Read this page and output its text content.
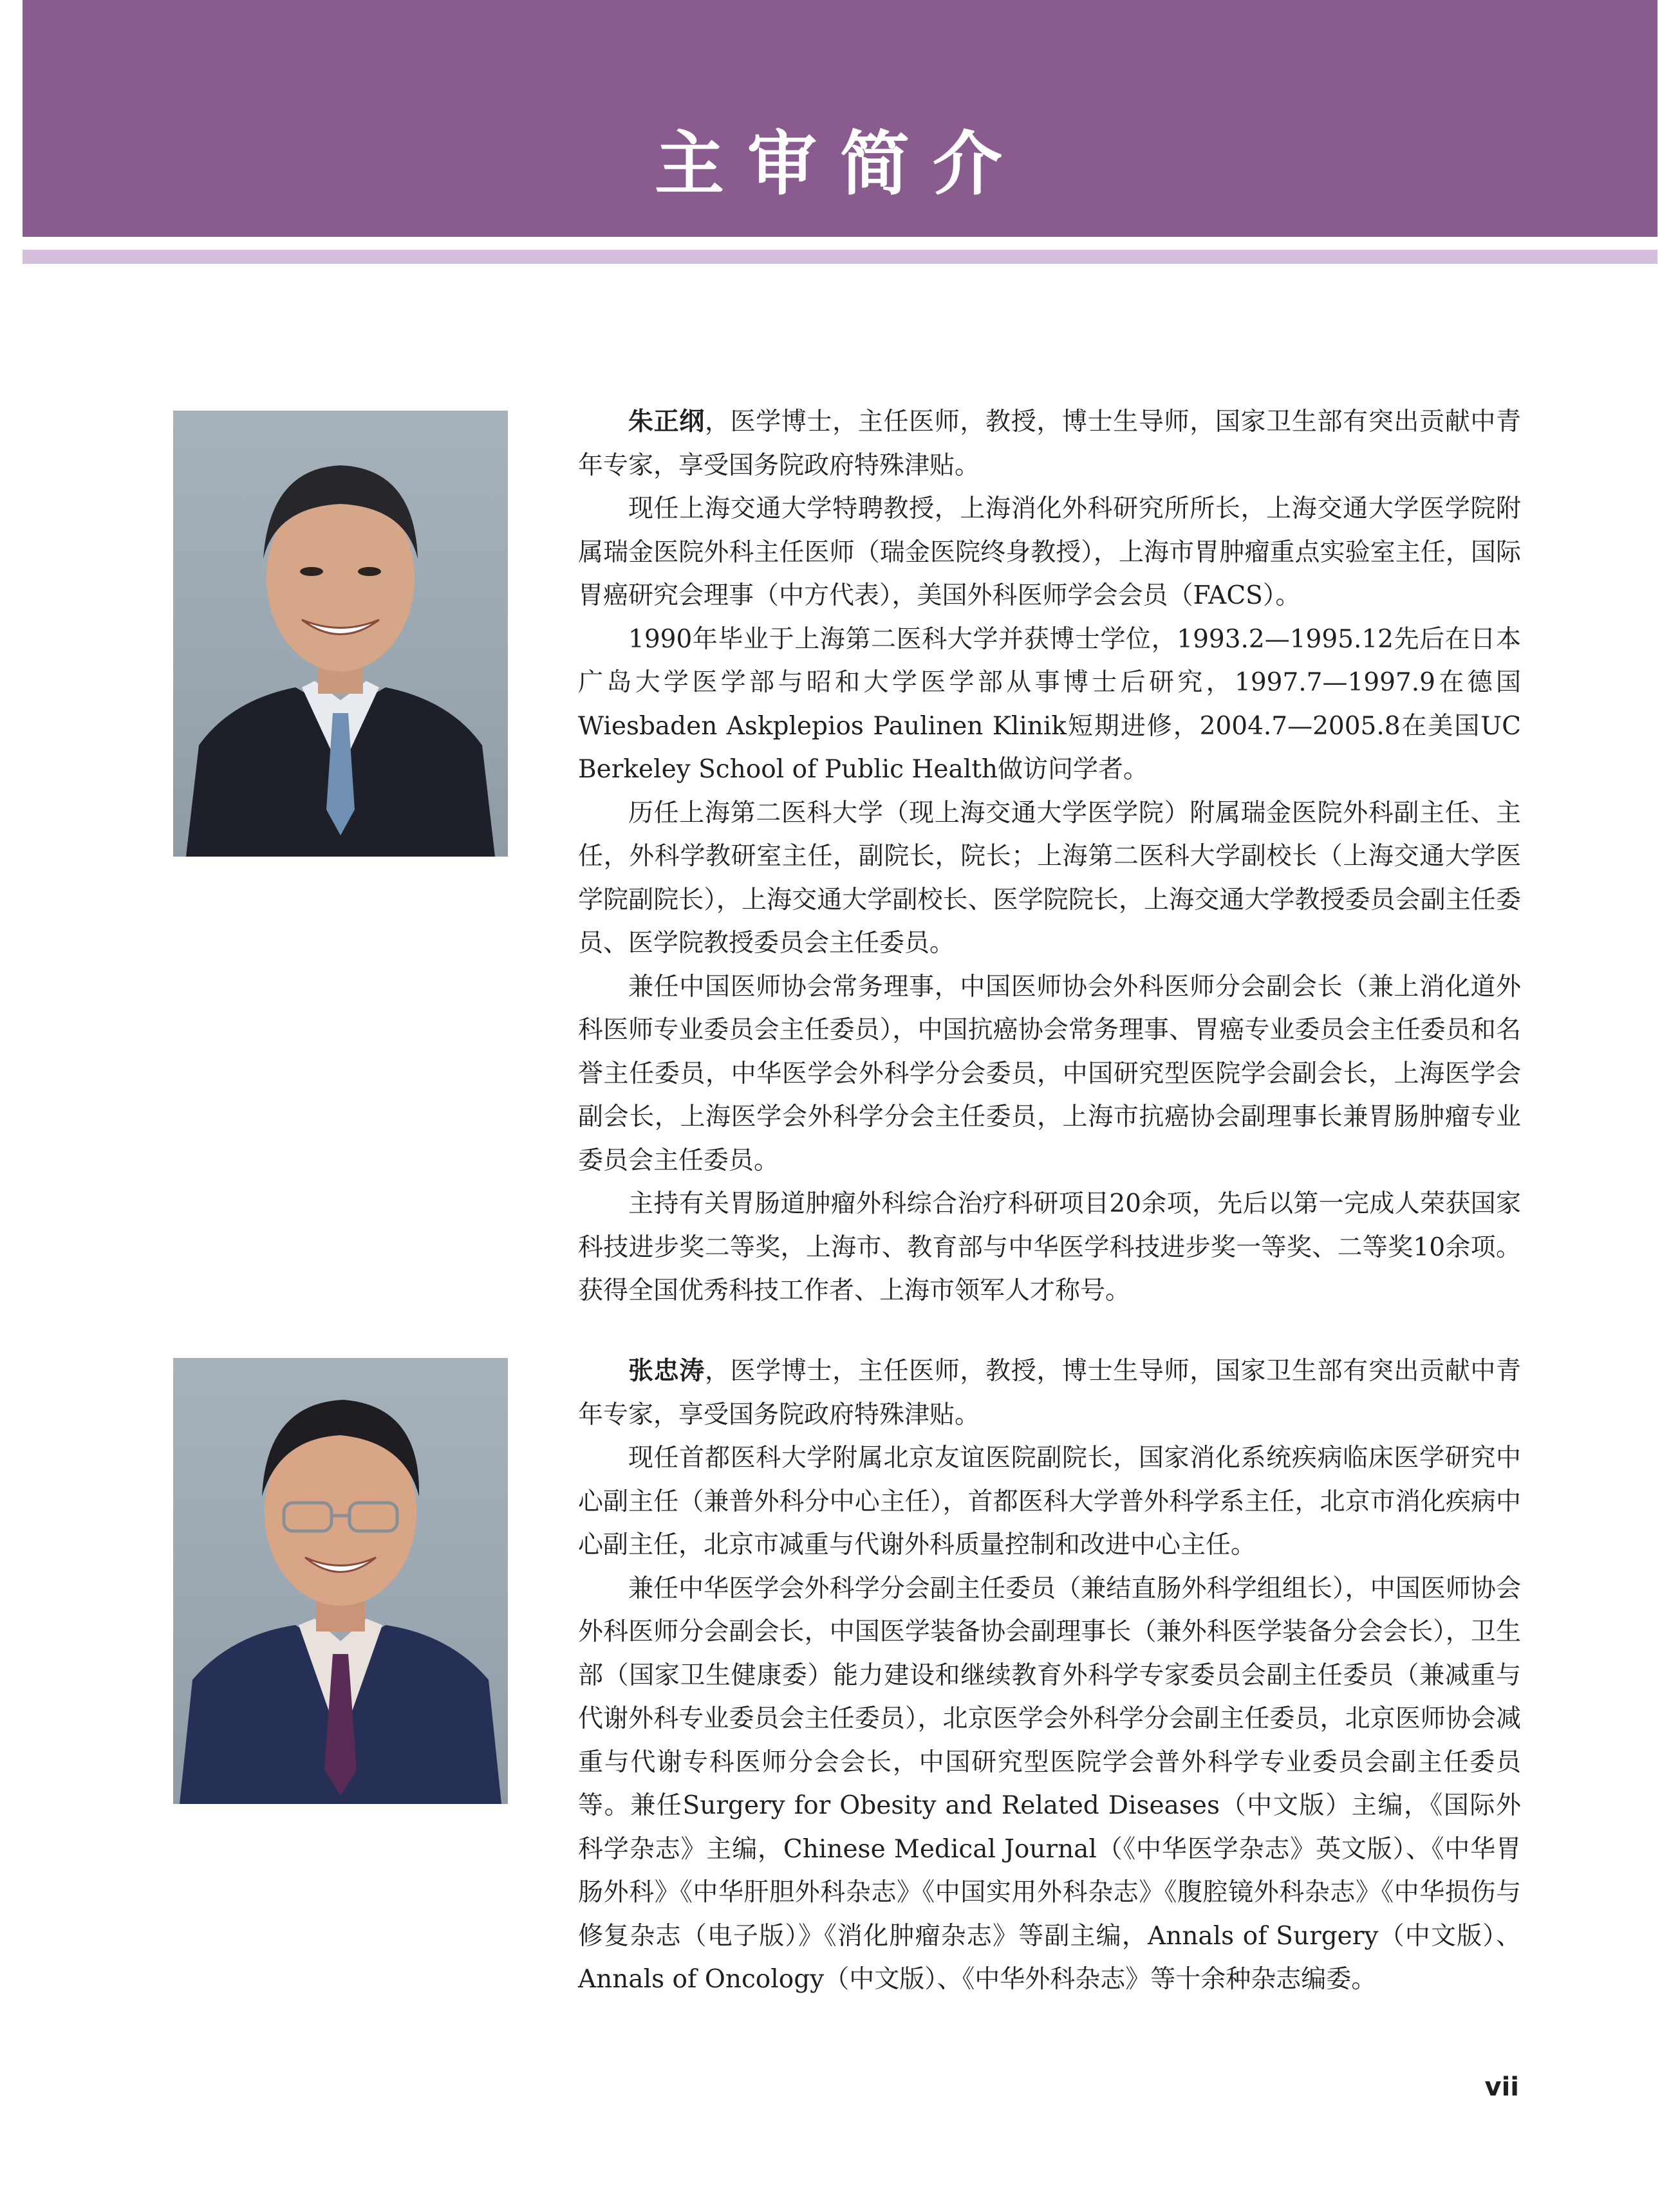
主审简介

朱正纲，医学博士，主任医师，教授，博士生导师，国家卫生部有突出贡献中青年专家，享受国务院政府特殊津贴。

现任上海交通大学特聘教授，上海消化外科研究所所长，上海交通大学医学院附属瑞金医院外科主任医师（瑞金医院终身教授），上海市胃肿瘤重点实验室主任，国际胃癌研究会理事（中方代表），美国外科医师学会会员（FACS）。

1990年毕业于上海第二医科大学并获博士学位，1993.2—1995.12先后在日本广岛大学医学部与昭和大学医学部从事博士后研究，1997.7—1997.9在德国Wiesbaden Askplepios Paulinen Klinik短期进修，2004.7—2005.8在美国UC Berkeley School of Public Health做访问学者。

历任上海第二医科大学（现上海交通大学医学院）附属瑞金医院外科副主任、主任，外科学教研室主任，副院长，院长；上海第二医科大学副校长（上海交通大学医学院副院长），上海交通大学副校长、医学院院长，上海交通大学教授委员会副主任委员、医学院教授委员会主任委员。

兼任中国医师协会常务理事，中国医师协会外科医师分会副会长（兼上消化道外科医师专业委员会主任委员），中国抗癌协会常务理事、胃癌专业委员会主任委员和名誉主任委员，中华医学会外科学分会委员，中国研究型医院学会副会长，上海医学会副会长，上海医学会外科学分会主任委员，上海市抗癌协会副理事长兼胃肠肿瘤专业委员会主任委员。

主持有关胃肠道肿瘤外科综合治疗科研项目20余项，先后以第一完成人荣获国家科技进步奖二等奖，上海市、教育部与中华医学科技进步奖一等奖、二等奖10余项。获得全国优秀科技工作者、上海市领军人才称号。

张忠涛，医学博士，主任医师，教授，博士生导师，国家卫生部有突出贡献中青年专家，享受国务院政府特殊津贴。

现任首都医科大学附属北京友谊医院副院长，国家消化系统疾病临床医学研究中心副主任（兼普外科分中心主任），首都医科大学普外科学系主任，北京市消化疾病中心副主任，北京市减重与代谢外科质量控制和改进中心主任。

兼任中华医学会外科学分会副主任委员（兼结直肠外科学组组长），中国医师协会外科医师分会副会长，中国医学装备协会副理事长（兼外科医学装备分会会长），卫生部（国家卫生健康委）能力建设和继续教育外科学专家委员会副主任委员（兼减重与代谢外科专业委员会主任委员），北京医学会外科学分会副主任委员，北京医师协会减重与代谢专科医师分会会长，中国研究型医院学会普外科学专业委员会副主任委员等。兼任Surgery for Obesity and Related Diseases（中文版）主编，《国际外科学杂志》主编，Chinese Medical Journal（《中华医学杂志》英文版）、《中华胃肠外科》《中华肝胆外科杂志》《中国实用外科杂志》《腹腔镜外科杂志》《中华损伤与修复杂志（电子版）》《消化肿瘤杂志》等副主编，Annals of Surgery（中文版）、Annals of Oncology（中文版）、《中华外科杂志》等十余种杂志编委。

vii
